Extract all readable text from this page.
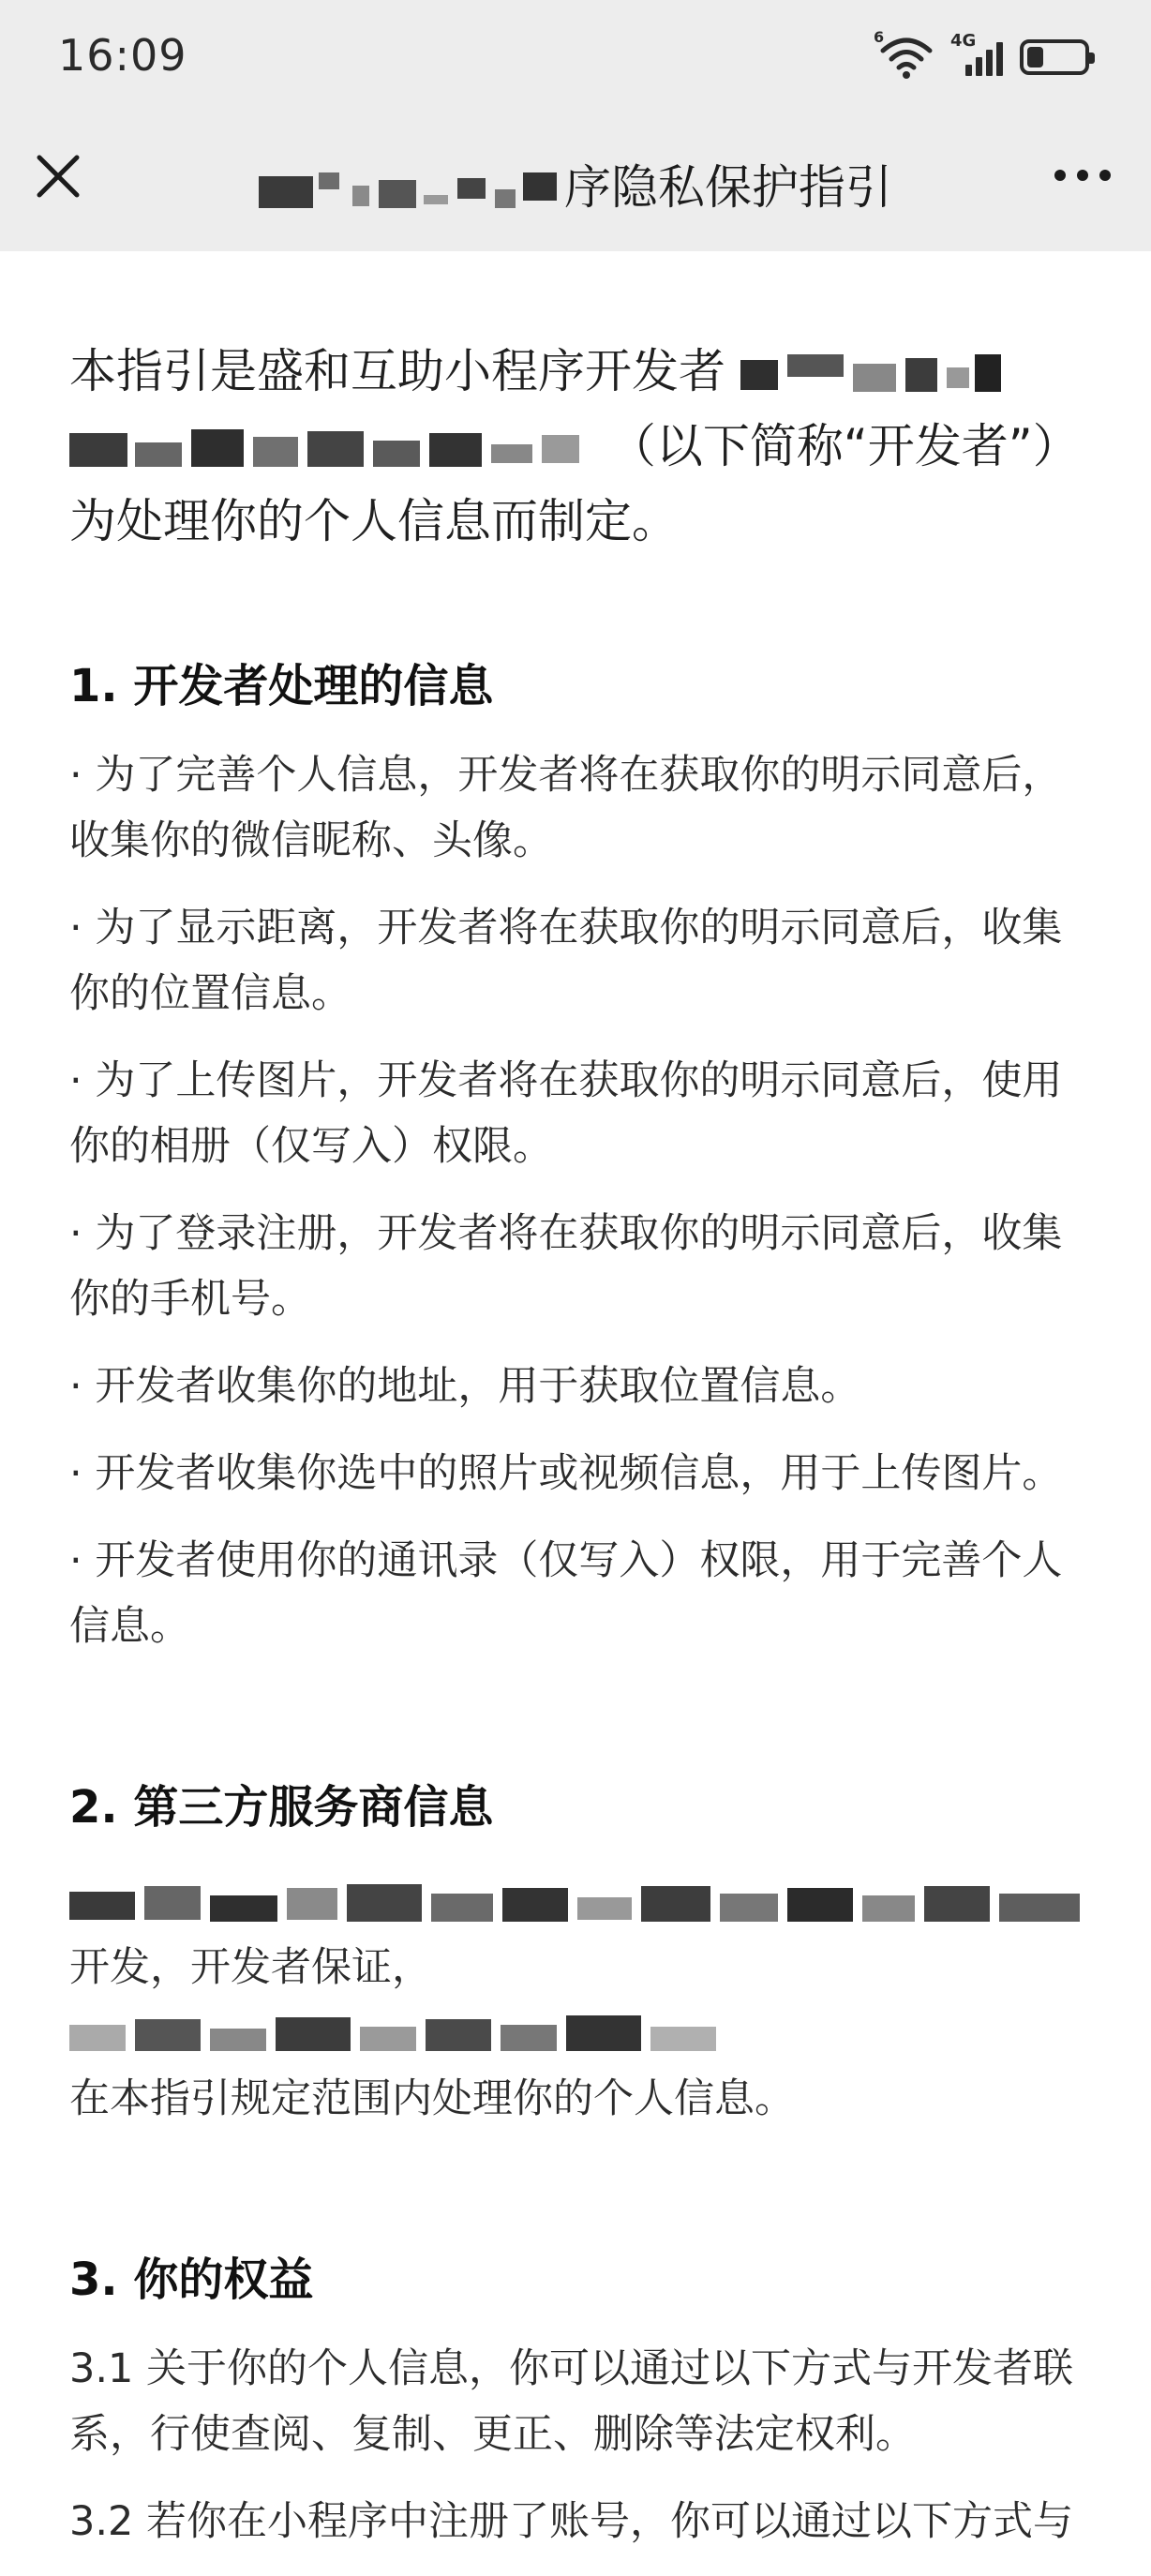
16:09	6	4G
序隐私保护指引
本指引是盛和互助小程序开发者
（以下简称“开发者”）为处理你的个人信息而制定。
1. 开发者处理的信息

· 为了完善个人信息，开发者将在获取你的明示同意后，收集你的微信昵称、头像。

· 为了显示距离，开发者将在获取你的明示同意后，收集你的位置信息。

· 为了上传图片，开发者将在获取你的明示同意后，使用你的相册（仅写入）权限。

· 为了登录注册，开发者将在获取你的明示同意后，收集你的手机号。

· 开发者收集你的地址，用于获取位置信息。

· 开发者收集你选中的照片或视频信息，用于上传图片。

· 开发者使用你的通讯录（仅写入）权限，用于完善个人信息。

2. 第三方服务商信息

开发，开发者保证，
在本指引规定范围内处理你的个人信息。
3. 你的权益

3.1 关于你的个人信息，你可以通过以下方式与开发者联系，行使查阅、复制、更正、删除等法定权利。

3.2 若你在小程序中注册了账号，你可以通过以下方式与
